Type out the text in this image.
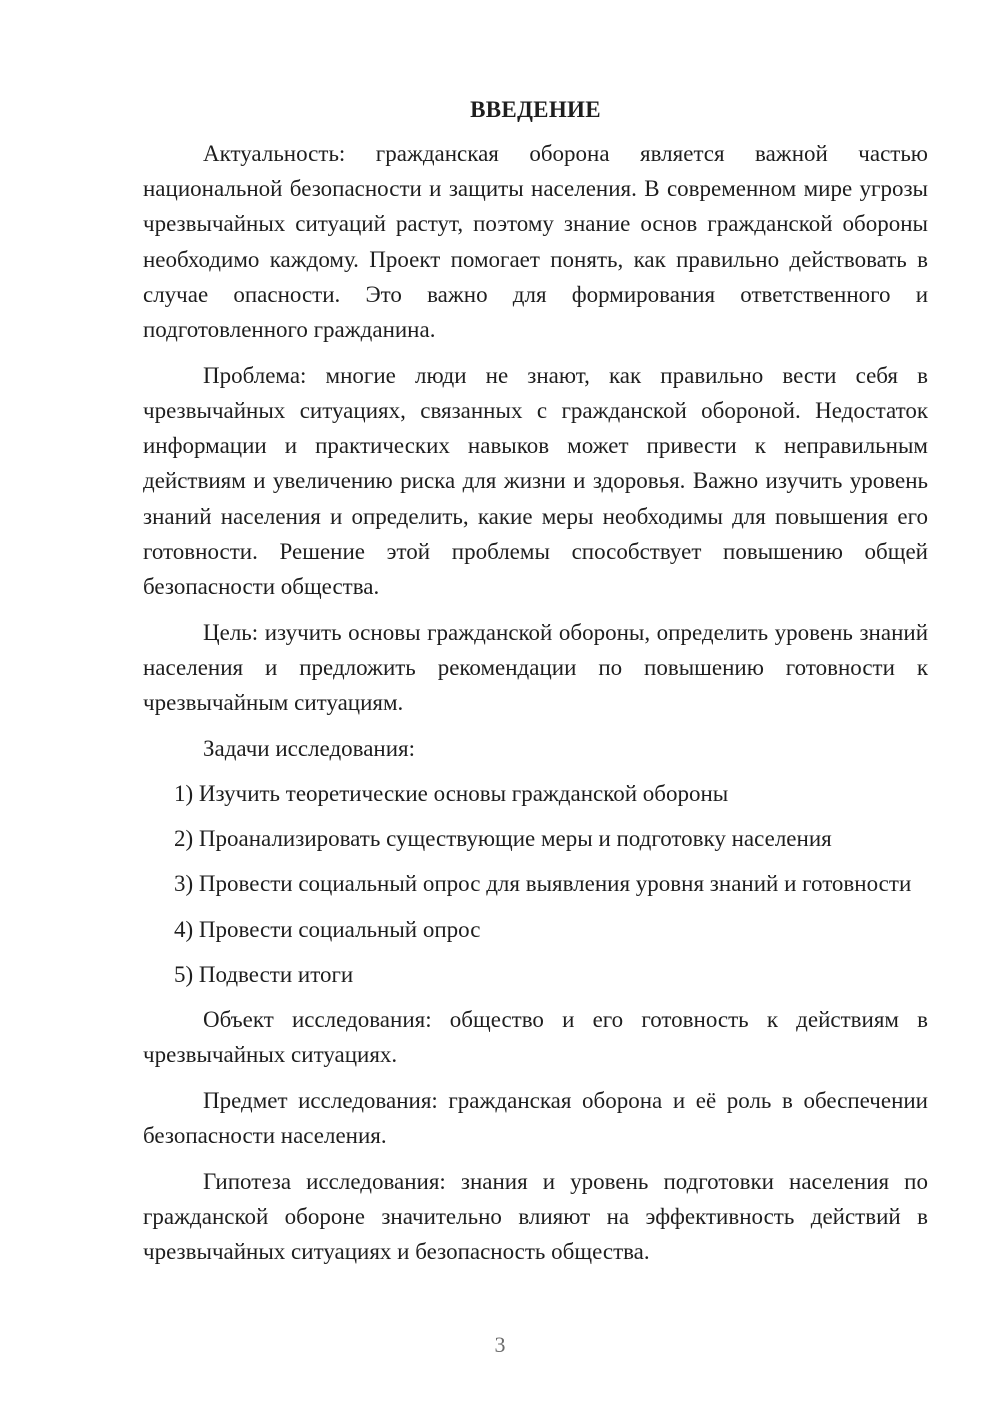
ВВЕДЕНИЕ

Актуальность: гражданская оборона является важной частью национальной безопасности и защиты населения. В современном мире угрозы чрезвычайных ситуаций растут, поэтому знание основ гражданской обороны необходимо каждому. Проект помогает понять, как правильно действовать в случае опасности. Это важно для формирования ответственного и подготовленного гражданина.

Проблема: многие люди не знают, как правильно вести себя в чрезвычайных ситуациях, связанных с гражданской обороной. Недостаток информации и практических навыков может привести к неправильным действиям и увеличению риска для жизни и здоровья. Важно изучить уровень знаний населения и определить, какие меры необходимы для повышения его готовности. Решение этой проблемы способствует повышению общей безопасности общества.

Цель: изучить основы гражданской обороны, определить уровень знаний населения и предложить рекомендации по повышению готовности к чрезвычайным ситуациям.

Задачи исследования:

1) Изучить теоретические основы гражданской обороны

2) Проанализировать существующие меры и подготовку населения

3) Провести социальный опрос для выявления уровня знаний и готовности

4) Провести социальный опрос

5) Подвести итоги

Объект исследования: общество и его готовность к действиям в чрезвычайных ситуациях.

Предмет исследования: гражданская оборона и её роль в обеспечении безопасности населения.

Гипотеза исследования: знания и уровень подготовки населения по гражданской обороне значительно влияют на эффективность действий в чрезвычайных ситуациях и безопасность общества.

3
